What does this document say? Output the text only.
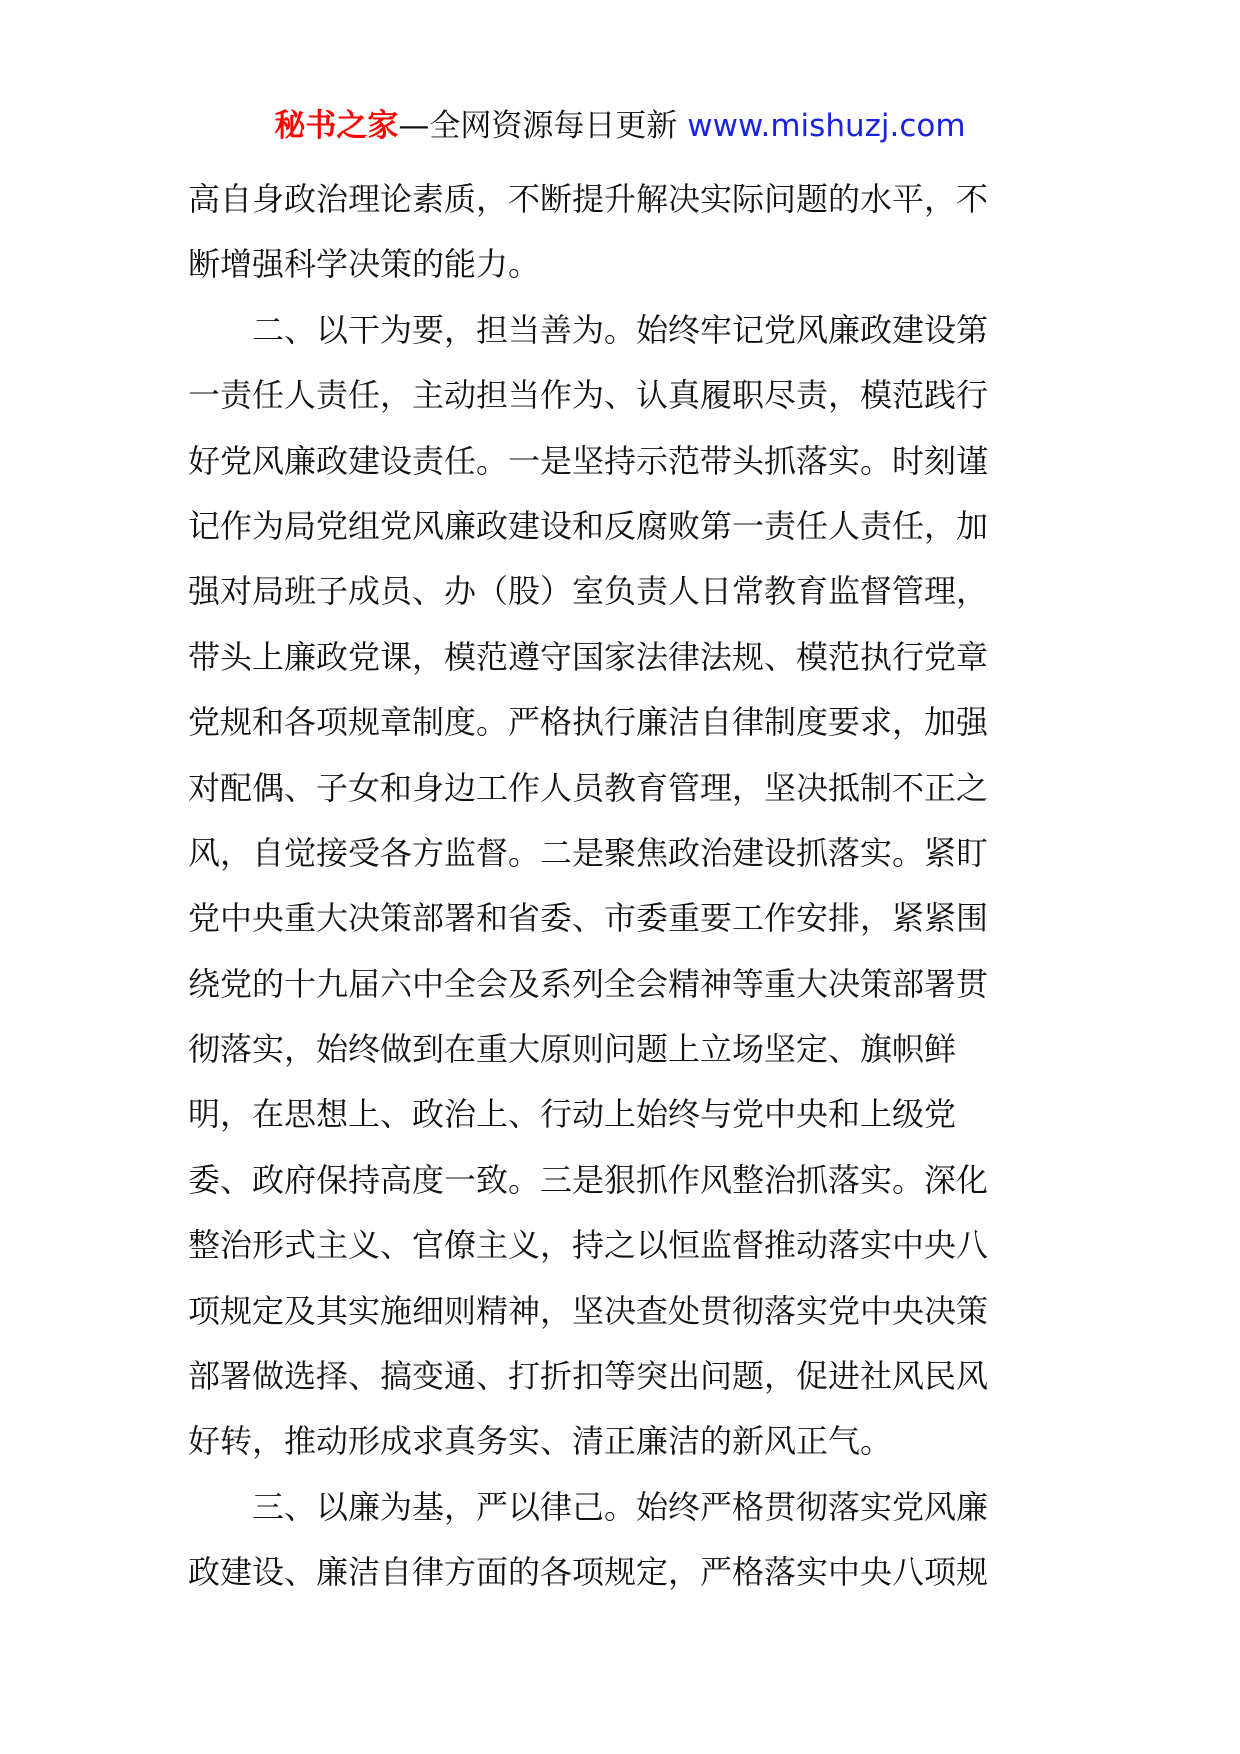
秘书之家—全网资源每日更新 www.mishuzj.com
高自身政治理论素质，不断提升解决实际问题的水平，不
断增强科学决策的能力。
二、以干为要，担当善为。始终牢记党风廉政建设第
一责任人责任，主动担当作为、认真履职尽责，模范践行
好党风廉政建设责任。一是坚持示范带头抓落实。时刻谨
记作为局党组党风廉政建设和反腐败第一责任人责任，加
强对局班子成员、办（股）室负责人日常教育监督管理，
带头上廉政党课，模范遵守国家法律法规、模范执行党章
党规和各项规章制度。严格执行廉洁自律制度要求，加强
对配偶、子女和身边工作人员教育管理，坚决抵制不正之
风，自觉接受各方监督。二是聚焦政治建设抓落实。紧盯
党中央重大决策部署和省委、市委重要工作安排，紧紧围
绕党的十九届六中全会及系列全会精神等重大决策部署贯
彻落实，始终做到在重大原则问题上立场坚定、旗帜鲜
明，在思想上、政治上、行动上始终与党中央和上级党
委、政府保持高度一致。三是狠抓作风整治抓落实。深化
整治形式主义、官僚主义，持之以恒监督推动落实中央八
项规定及其实施细则精神，坚决查处贯彻落实党中央决策
部署做选择、搞变通、打折扣等突出问题，促进社风民风
好转，推动形成求真务实、清正廉洁的新风正气。
三、以廉为基，严以律己。始终严格贯彻落实党风廉
政建设、廉洁自律方面的各项规定，严格落实中央八项规
